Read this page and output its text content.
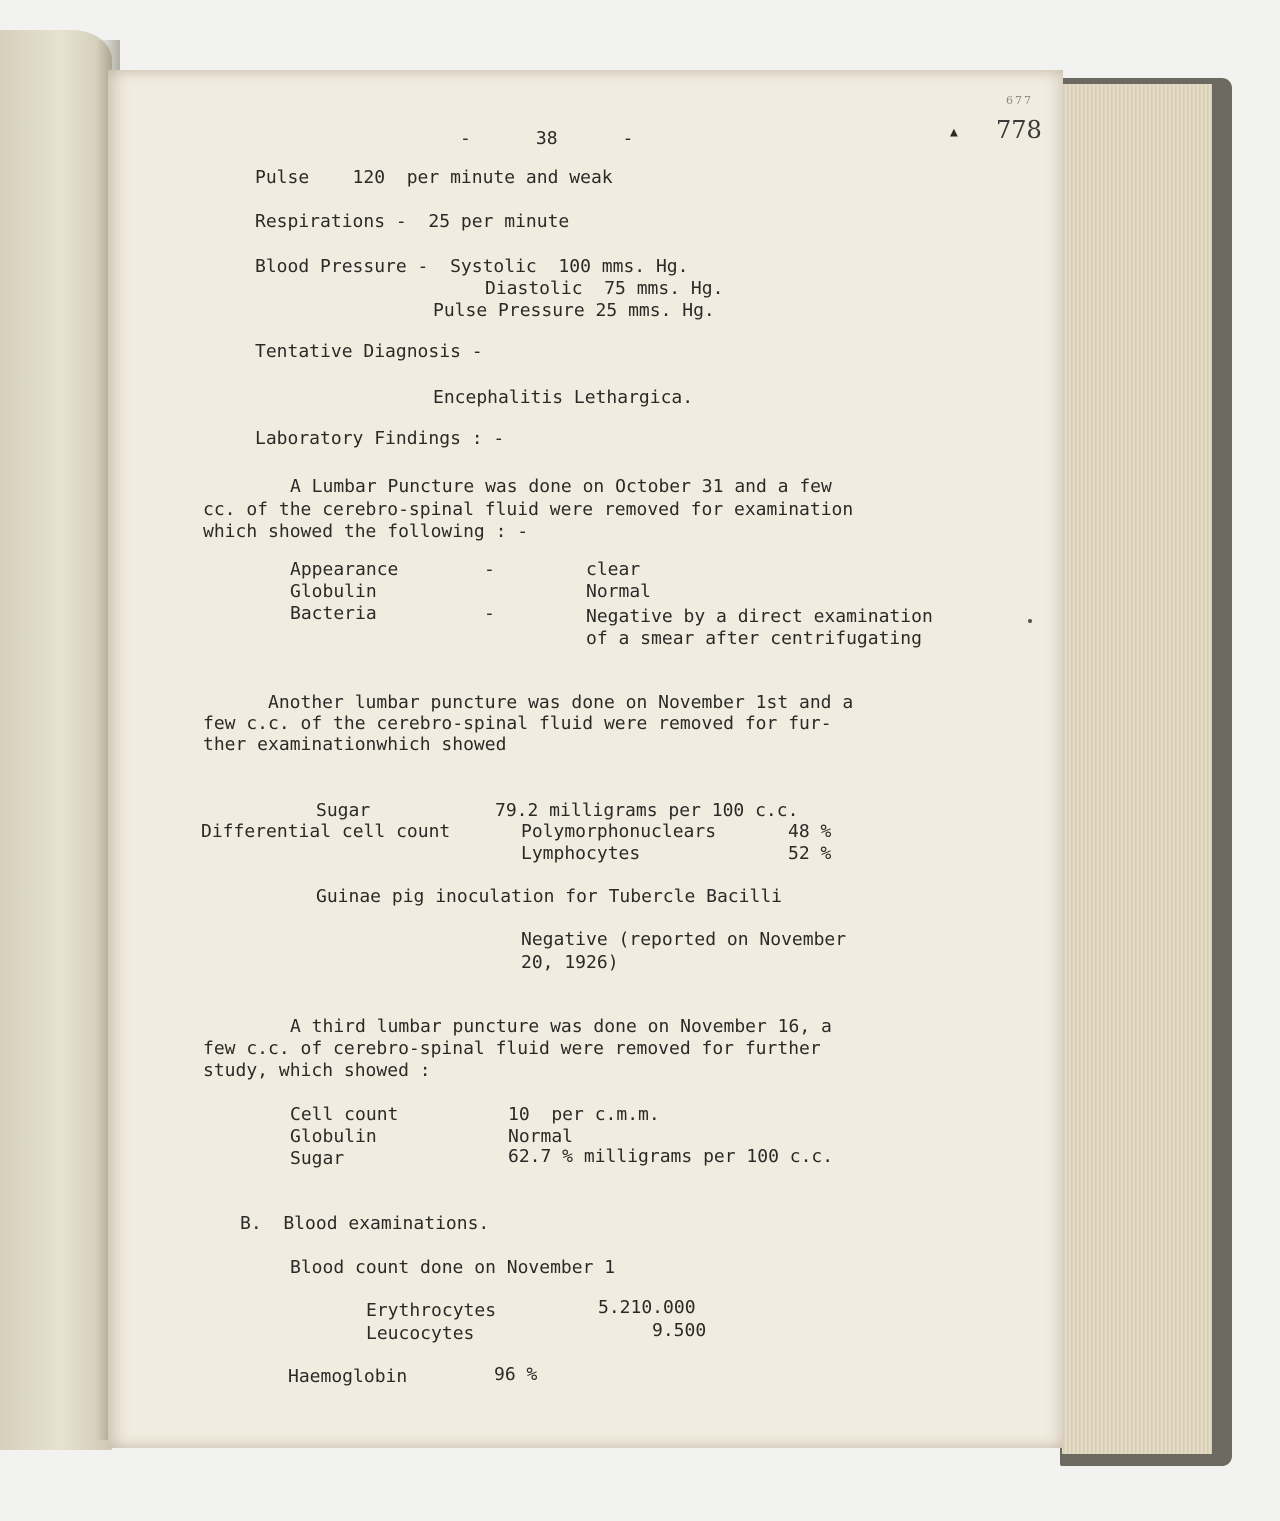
-      38      -
677
▲ 778
Pulse    120  per minute and weak
Respirations -  25 per minute
Blood Pressure -  Systolic  100 mms. Hg.
Diastolic  75 mms. Hg.
Pulse Pressure 25 mms. Hg.
Tentative Diagnosis -
Encephalitis Lethargica.
Laboratory Findings : -
A Lumbar Puncture was done on October 31 and a few
cc. of the cerebro-spinal fluid were removed for examination
which showed the following : -
Appearance	-	clear
Globulin	Normal
Bacteria	-	Negative by a direct examination
of a smear after centrifugating
Another lumbar puncture was done on November 1st and a
few c.c. of the cerebro-spinal fluid were removed for fur-
ther examinationwhich showed
Sugar	79.2 milligrams per 100 c.c.
Differential cell count	Polymorphonuclears	48 %
Lymphocytes	52 %
Guinae pig inoculation for Tubercle Bacilli
Negative (reported on November
20, 1926)
A third lumbar puncture was done on November 16, a
few c.c. of cerebro-spinal fluid were removed for further
study, which showed :
Cell count	10  per c.m.m.
Globulin	Normal
Sugar	62.7 % milligrams per 100 c.c.
B.  Blood examinations.
Blood count done on November 1
Erythrocytes	5.210.000
Leucocytes	9.500
Haemoglobin	96 %
